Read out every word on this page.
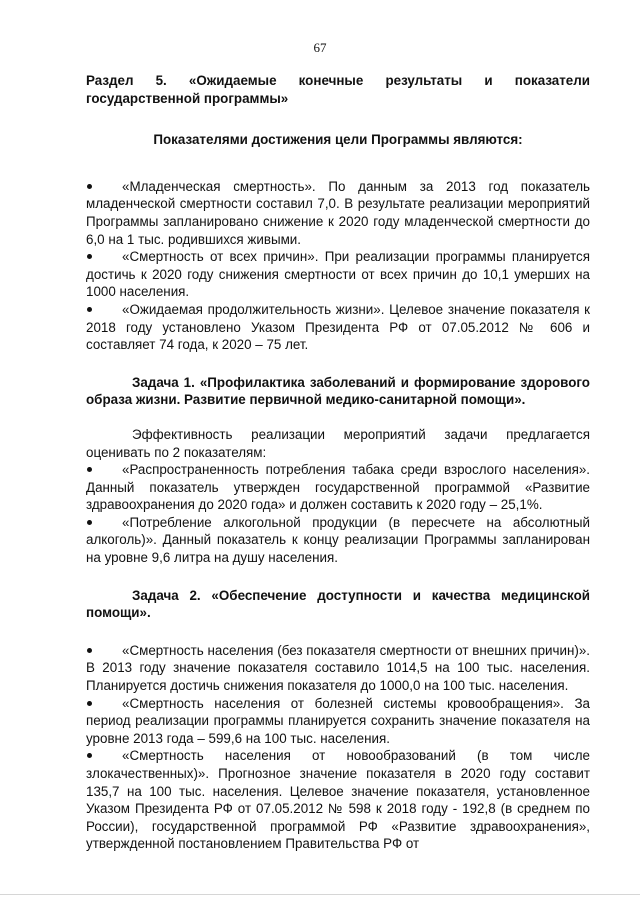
67

Раздел 5. «Ожидаемые конечные результаты и показатели государственной программы»

Показателями достижения цели Программы являются:

«Младенческая смертность». По данным за 2013 год показатель младенческой смертности составил 7,0. В результате реализации мероприятий Программы запланировано снижение к 2020 году младенческой смертности до 6,0 на 1 тыс. родившихся живыми.

«Смертность от всех причин». При реализации программы планируется достичь к 2020 году снижения смертности от всех причин до 10,1 умерших на 1000 населения.

«Ожидаемая продолжительность жизни». Целевое значение показателя к 2018 году установлено Указом Президента РФ от 07.05.2012 № 606 и составляет 74 года, к 2020 – 75 лет.

Задача 1. «Профилактика заболеваний и формирование здорового образа жизни. Развитие первичной медико-санитарной помощи».

Эффективность реализации мероприятий задачи предлагается оценивать по 2 показателям:

«Распространенность потребления табака среди взрослого населения». Данный показатель утвержден государственной программой «Развитие здравоохранения до 2020 года» и должен составить к 2020 году – 25,1%.

«Потребление алкогольной продукции (в пересчете на абсолютный алкоголь)». Данный показатель к концу реализации Программы запланирован на уровне 9,6 литра на душу населения.

Задача 2. «Обеспечение доступности и качества медицинской помощи».

«Смертность населения (без показателя смертности от внешних причин)». В 2013 году значение показателя составило 1014,5 на 100 тыс. населения. Планируется достичь снижения показателя до 1000,0 на 100 тыс. населения.

«Смертность населения от болезней системы кровообращения». За период реализации программы планируется сохранить значение показателя на уровне 2013 года – 599,6 на 100 тыс. населения.

«Смертность населения от новообразований (в том числе злокачественных)». Прогнозное значение показателя в 2020 году составит 135,7 на 100 тыс. населения. Целевое значение показателя, установленное Указом Президента РФ от 07.05.2012 № 598 к 2018 году - 192,8 (в среднем по России), государственной программой РФ «Развитие здравоохранения», утвержденной постановлением Правительства РФ от
